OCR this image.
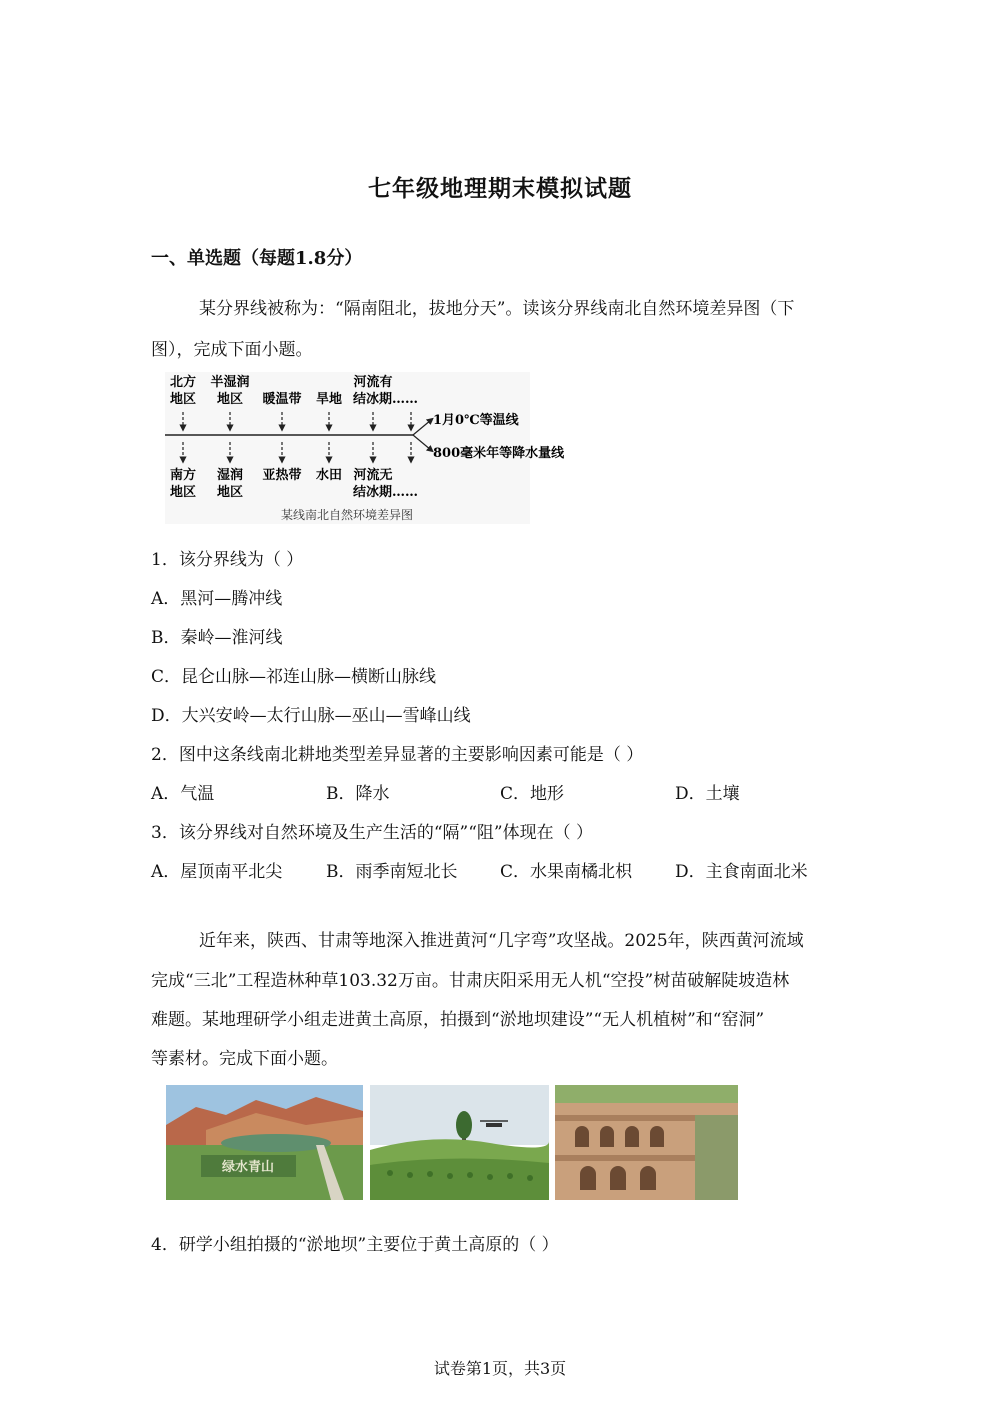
七年级地理期末模拟试题
一、单选题（每题1.8分）
某分界线被称为：“隔南阻北，拔地分天”。读该分界线南北自然环境差异图（下
图），完成下面小题。
北方
地区
半湿润
地区 暖温带 旱地
河流有
结冰期……
1月0℃等温线
800毫米年等降水量线
南方
地区
湿润
地区
亚热带 水田 河流无
结冰期……
某线南北自然环境差异图
1．该分界线为（ ）
A．黑河—腾冲线
B．秦岭—淮河线
C．昆仑山脉—祁连山脉—横断山脉线
D．大兴安岭—太行山脉—巫山—雪峰山线
2．图中这条线南北耕地类型差异显著的主要影响因素可能是（ ）
A．气温	B．降水	C．地形	D．土壤
3．该分界线对自然环境及生产生活的“隔”“阻”体现在（ ）
A．屋顶南平北尖	B．雨季南短北长	C．水果南橘北枳	D．主食南面北米
近年来，陕西、甘肃等地深入推进黄河“几字弯”攻坚战。2025年，陕西黄河流域
完成“三北”工程造林种草103.32万亩。甘肃庆阳采用无人机“空投”树苗破解陡坡造林
难题。某地理研学小组走进黄土高原，拍摄到“淤地坝建设”“无人机植树”和“窑洞”
等素材。完成下面小题。
绿水青山
4．研学小组拍摄的“淤地坝”主要位于黄土高原的（ ）
试卷第1页，共3页
